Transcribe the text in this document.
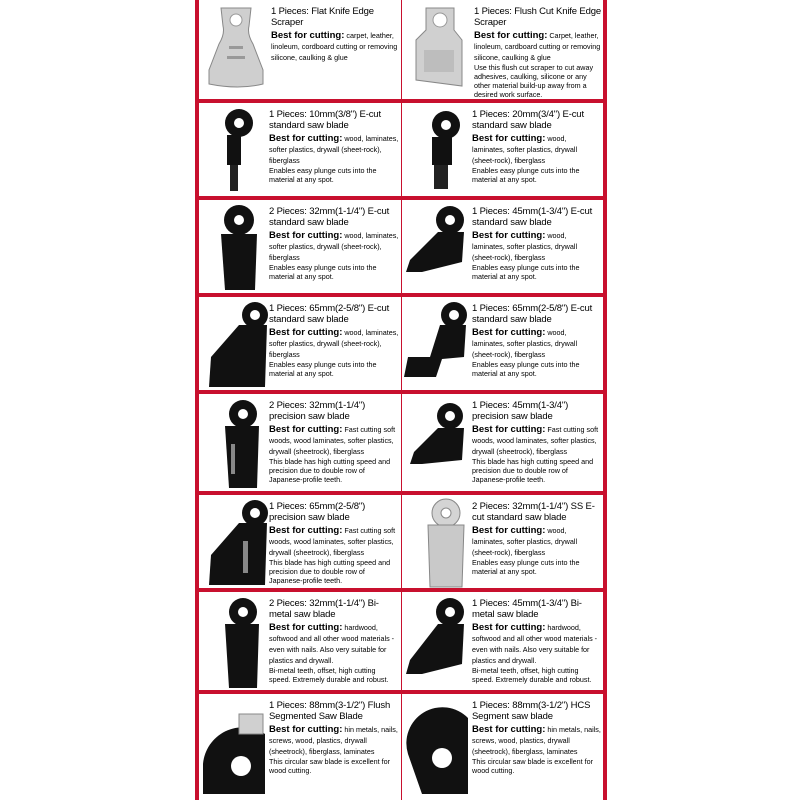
1 Pieces: Flat Knife Edge Scraper
Best for cutting: carpet, leather, linoleum, cordboard cutting or removing silicone, caulking & glue
1 Pieces: Flush Cut Knife Edge Scraper
Best for cutting: Carpet, leather, linoleum, cardboard cutting or removing silicone, caulking & glue
Use this flush cut scraper to cut away adhesives, caulking, silicone or any other material build-up away from a desired work surface.
1 Pieces: 10mm(3/8") E-cut standard saw blade
Best for cutting: wood, laminates, softer plastics, drywall (sheet-rock), fiberglass
Enables easy plunge cuts into the material at any spot.
1 Pieces: 20mm(3/4") E-cut standard saw blade
Best for cutting: wood, laminates, softer plastics, drywall (sheet-rock), fiberglass
Enables easy plunge cuts into the material at any spot.
2 Pieces: 32mm(1-1/4") E-cut standard saw blade
Best for cutting: wood, laminates, softer plastics, drywall (sheet-rock), fiberglass
Enables easy plunge cuts into the material at any spot.
1 Pieces: 45mm(1-3/4") E-cut standard saw blade
Best for cutting: wood, laminates, softer plastics, drywall (sheet-rock), fiberglass
Enables easy plunge cuts into the material at any spot.
1 Pieces: 65mm(2-5/8") E-cut standard saw blade
Best for cutting: wood, laminates, softer plastics, drywall (sheet-rock), fiberglass
Enables easy plunge cuts into the material at any spot.
1 Pieces: 65mm(2-5/8") E-cut standard saw blade
Best for cutting: wood, laminates, softer plastics, drywall (sheet-rock), fiberglass
Enables easy plunge cuts into the material at any spot.
2 Pieces: 32mm(1-1/4") precision saw blade
Best for cutting: Fast cutting soft woods, wood laminates, softer plastics, drywall (sheetrock), fiberglass
This blade has high cutting speed and precision due to double row of Japanese-profile teeth.
1 Pieces: 45mm(1-3/4") precision saw blade
Best for cutting: Fast cutting soft woods, wood laminates, softer plastics, drywall (sheetrock), fiberglass
This blade has high cutting speed and precision due to double row of Japanese-profile teeth.
1 Pieces: 65mm(2-5/8") precision saw blade
Best for cutting: Fast cutting soft woods, wood laminates, softer plastics, drywall (sheetrock), fiberglass
This blade has high cutting speed and precision due to double row of Japanese-profile teeth.
2 Pieces: 32mm(1-1/4") SS E-cut standard saw blade
Best for cutting: wood, laminates, softer plastics, drywall (sheet-rock), fiberglass
Enables easy plunge cuts into the material at any spot.
2 Pieces: 32mm(1-1/4") Bi-metal saw blade
Best for cutting: hardwood, softwood and all other wood materials - even with nails. Also very suitable for plastics and drywall.
Bi-metal teeth, offset, high cutting speed. Extremely durable and robust.
1 Pieces: 45mm(1-3/4") Bi-metal saw blade
Best for cutting: hardwood, softwood and all other wood materials - even with nails. Also very suitable for plastics and drywall.
Bi-metal teeth, offset, high cutting speed. Extremely durable and robust.
1 Pieces: 88mm(3-1/2") Flush Segmented Saw Blade
Best for cutting: hin metals, nails, screws, wood, plastics, drywall (sheetrock), fiberglass, laminates
This circular saw blade is excellent for wood cutting.
1 Pieces: 88mm(3-1/2") HCS Segment saw blade
Best for cutting: hin metals, nails, screws, wood, plastics, drywall (sheetrock), fiberglass, laminates
This circular saw blade is excellent for wood cutting.
